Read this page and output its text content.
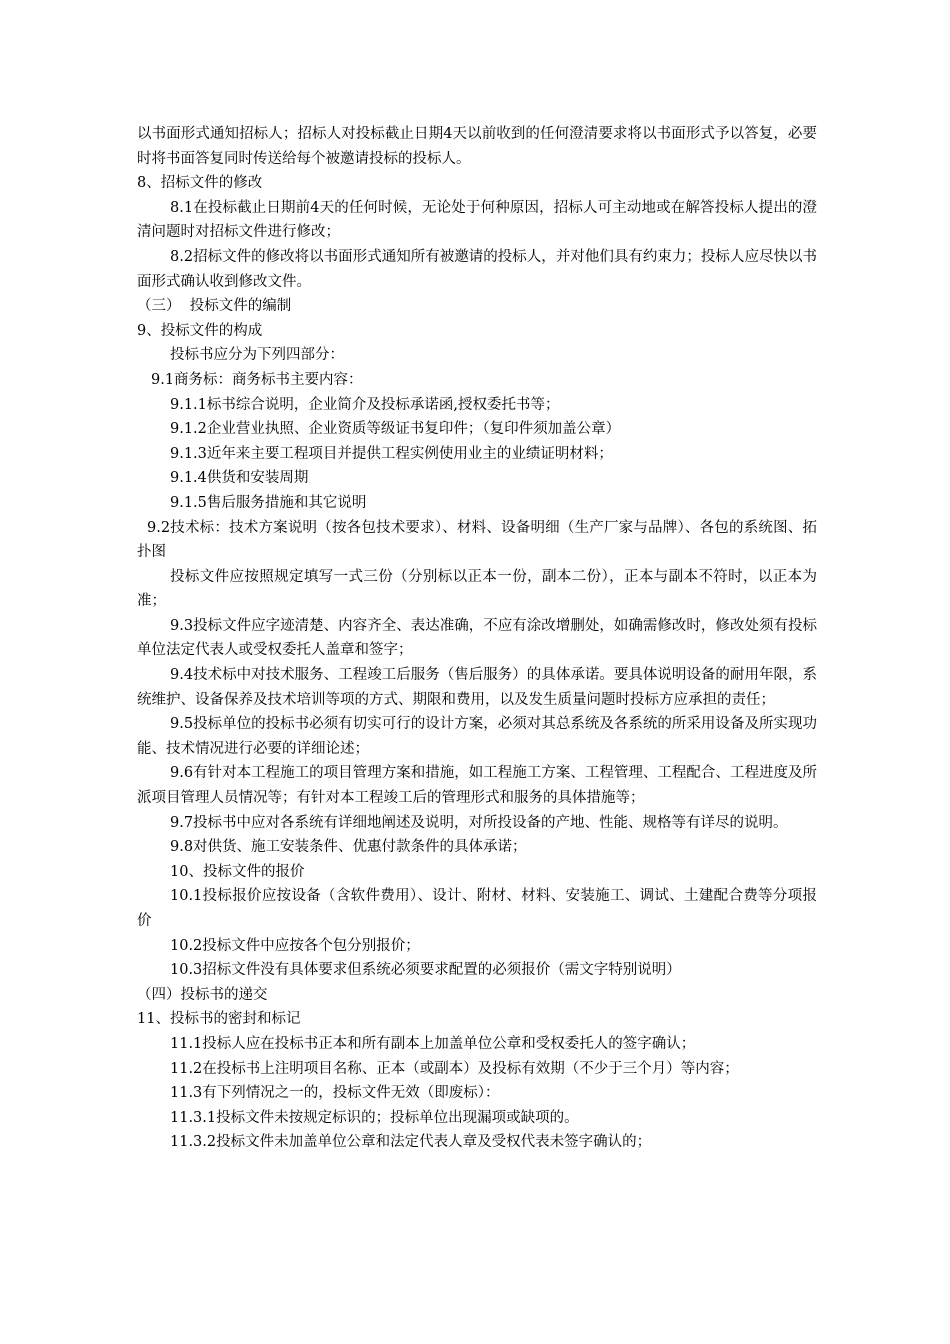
以书面形式通知招标人；招标人对投标截止日期4天以前收到的任何澄清要求将以书面形式予以答复，必要时将书面答复同时传送给每个被邀请投标的投标人。

8、招标文件的修改

8.1在投标截止日期前4天的任何时候，无论处于何种原因，招标人可主动地或在解答投标人提出的澄清问题时对招标文件进行修改；

8.2招标文件的修改将以书面形式通知所有被邀请的投标人，并对他们具有约束力；投标人应尽快以书面形式确认收到修改文件。

（三）  投标文件的编制

9、投标文件的构成

投标书应分为下列四部分：

9.1商务标：商务标书主要内容：

9.1.1标书综合说明，企业简介及投标承诺函,授权委托书等；

9.1.2企业营业执照、企业资质等级证书复印件；（复印件须加盖公章）

9.1.3近年来主要工程项目并提供工程实例使用业主的业绩证明材料；

9.1.4供货和安装周期

9.1.5售后服务措施和其它说明

9.2技术标：技术方案说明（按各包技术要求）、材料、设备明细（生产厂家与品牌）、各包的系统图、拓扑图

投标文件应按照规定填写一式三份（分别标以正本一份，副本二份），正本与副本不符时，以正本为准；

9.3投标文件应字迹清楚、内容齐全、表达准确，不应有涂改增删处，如确需修改时，修改处须有投标单位法定代表人或受权委托人盖章和签字；

9.4技术标中对技术服务、工程竣工后服务（售后服务）的具体承诺。要具体说明设备的耐用年限，系统维护、设备保养及技术培训等项的方式、期限和费用，以及发生质量问题时投标方应承担的责任；

9.5投标单位的投标书必须有切实可行的设计方案，必须对其总系统及各系统的所采用设备及所实现功能、技术情况进行必要的详细论述；

9.6有针对本工程施工的项目管理方案和措施，如工程施工方案、工程管理、工程配合、工程进度及所派项目管理人员情况等；有针对本工程竣工后的管理形式和服务的具体措施等；

9.7投标书中应对各系统有详细地阐述及说明，对所投设备的产地、性能、规格等有详尽的说明。

9.8对供货、施工安装条件、优惠付款条件的具体承诺；

10、投标文件的报价

10.1投标报价应按设备（含软件费用）、设计、附材、材料、安装施工、调试、土建配合费等分项报价

10.2投标文件中应按各个包分别报价；

10.3招标文件没有具体要求但系统必须要求配置的必须报价（需文字特别说明）

（四）投标书的递交

11、投标书的密封和标记

11.1投标人应在投标书正本和所有副本上加盖单位公章和受权委托人的签字确认；

11.2在投标书上注明项目名称、正本（或副本）及投标有效期（不少于三个月）等内容；

11.3有下列情况之一的，投标文件无效（即废标）：

11.3.1投标文件未按规定标识的；投标单位出现漏项或缺项的。

11.3.2投标文件未加盖单位公章和法定代表人章及受权代表未签字确认的；
